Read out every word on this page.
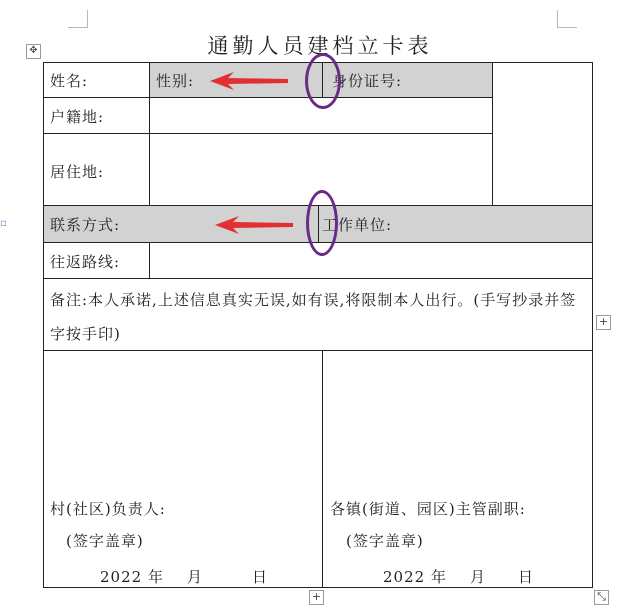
通勤人员建档立卡表
✥
▫
姓名:	性别:	身份证号:
户籍地:
居住地:
联系方式:	工作单位:
往返路线:
备注:本人承诺,上述信息真实无误,如有误,将限制本人出行。(手写抄录并签字按手印)
村(社区)负责人:
(签字盖章)
2022 年 月	日
各镇(街道、园区)主管副职:
(签字盖章)
2022 年 月 日
+
+	⤡
